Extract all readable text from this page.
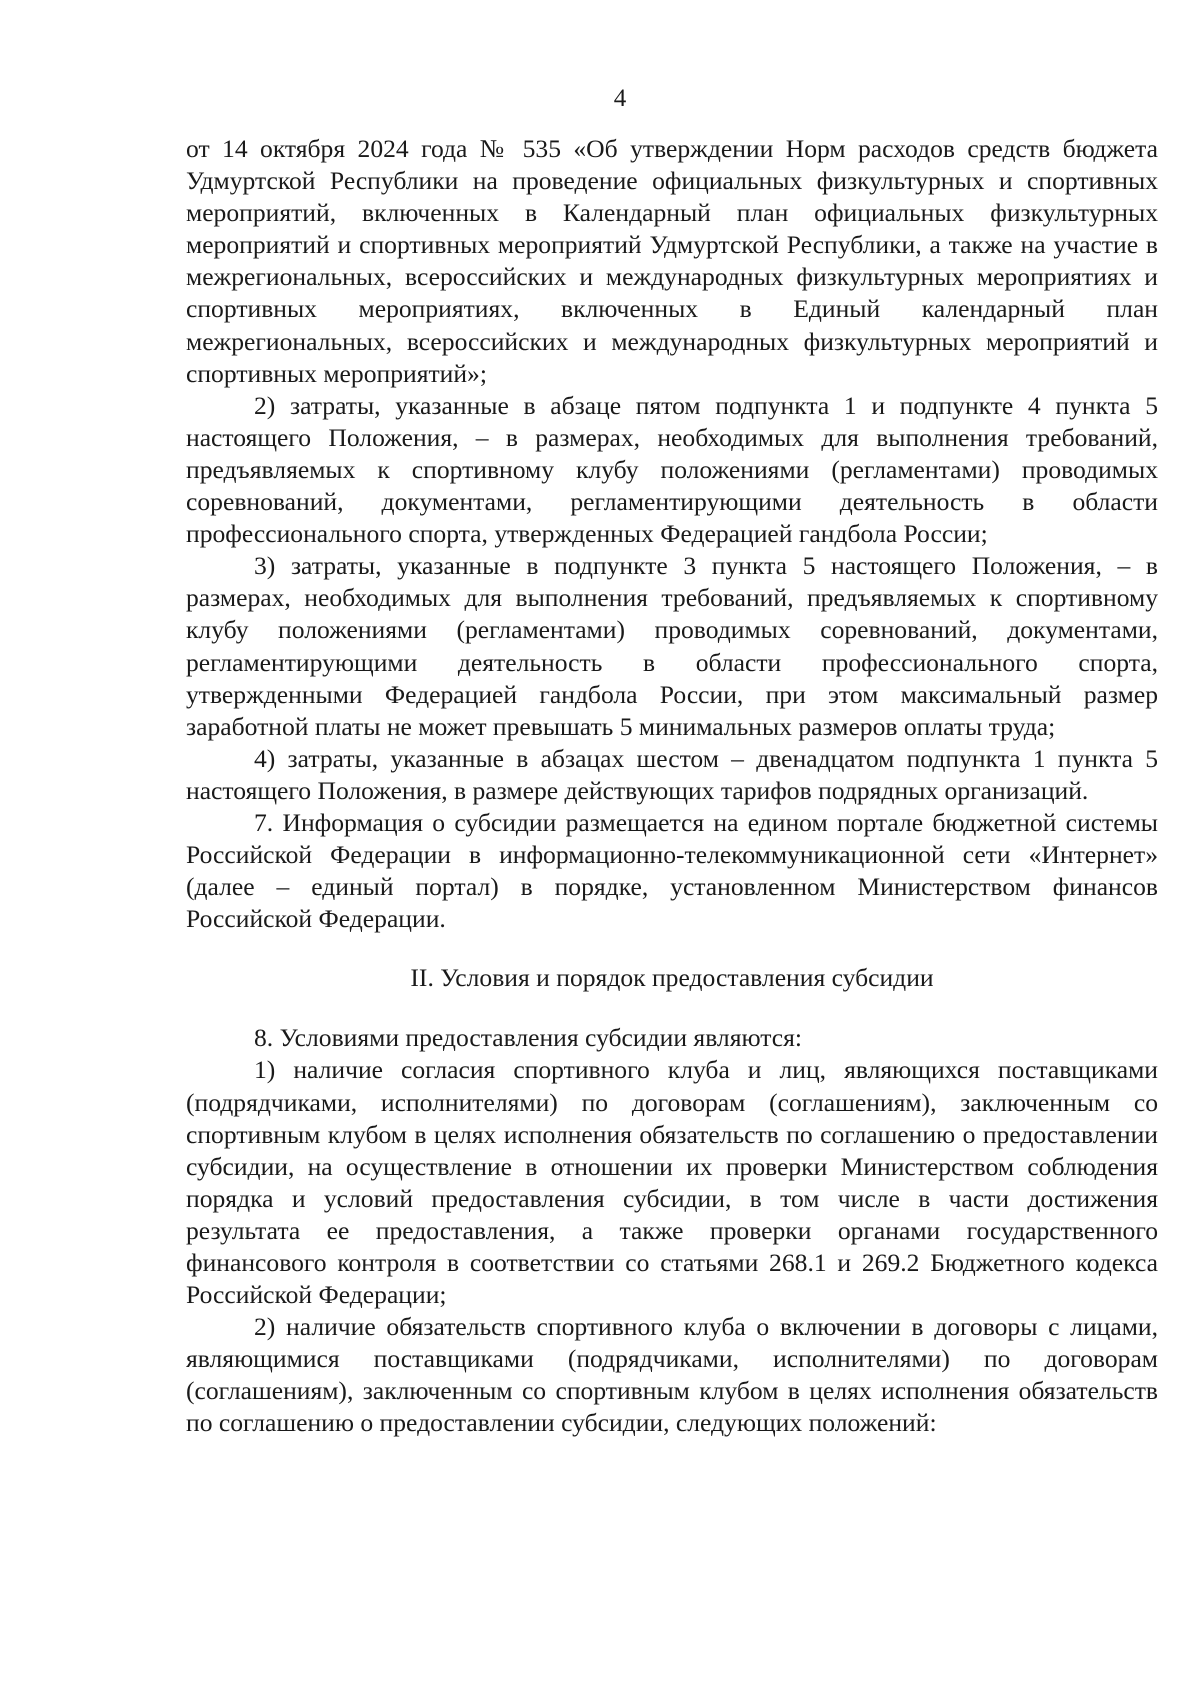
4

от 14 октября 2024 года № 535 «Об утверждении Норм расходов средств бюджета Удмуртской Республики на проведение официальных физкультурных и спортивных мероприятий, включенных в Календарный план официальных физкультурных мероприятий и спортивных мероприятий Удмуртской Республики, а также на участие в межрегиональных, всероссийских и международных физкультурных мероприятиях и спортивных мероприятиях, включенных в Единый календарный план межрегиональных, всероссийских и международных физкультурных мероприятий и спортивных мероприятий»;

2) затраты, указанные в абзаце пятом подпункта 1 и подпункте 4 пункта 5 настоящего Положения, – в размерах, необходимых для выполнения требований, предъявляемых к спортивному клубу положениями (регламентами) проводимых соревнований, документами, регламентирующими деятельность в области профессионального спорта, утвержденных Федерацией гандбола России;

3) затраты, указанные в подпункте 3 пункта 5 настоящего Положения, – в размерах, необходимых для выполнения требований, предъявляемых к спортивному клубу положениями (регламентами) проводимых соревнований, документами, регламентирующими деятельность в области профессионального спорта, утвержденными Федерацией гандбола России, при этом максимальный размер заработной платы не может превышать 5 минимальных размеров оплаты труда;

4) затраты, указанные в абзацах шестом – двенадцатом подпункта 1 пункта 5 настоящего Положения, в размере действующих тарифов подрядных организаций.

7. Информация о субсидии размещается на едином портале бюджетной системы Российской Федерации в информационно-телекоммуникационной сети «Интернет» (далее – единый портал) в порядке, установленном Министерством финансов Российской Федерации.

II. Условия и порядок предоставления субсидии

8. Условиями предоставления субсидии являются:

1) наличие согласия спортивного клуба и лиц, являющихся поставщиками (подрядчиками, исполнителями) по договорам (соглашениям), заключенным со спортивным клубом в целях исполнения обязательств по соглашению о предоставлении субсидии, на осуществление в отношении их проверки Министерством соблюдения порядка и условий предоставления субсидии, в том числе в части достижения результата ее предоставления, а также проверки органами государственного финансового контроля в соответствии со статьями 268.1 и 269.2 Бюджетного кодекса Российской Федерации;

2) наличие обязательств спортивного клуба о включении в договоры с лицами, являющимися поставщиками (подрядчиками, исполнителями) по договорам (соглашениям), заключенным со спортивным клубом в целях исполнения обязательств по соглашению о предоставлении субсидии, следующих положений:
